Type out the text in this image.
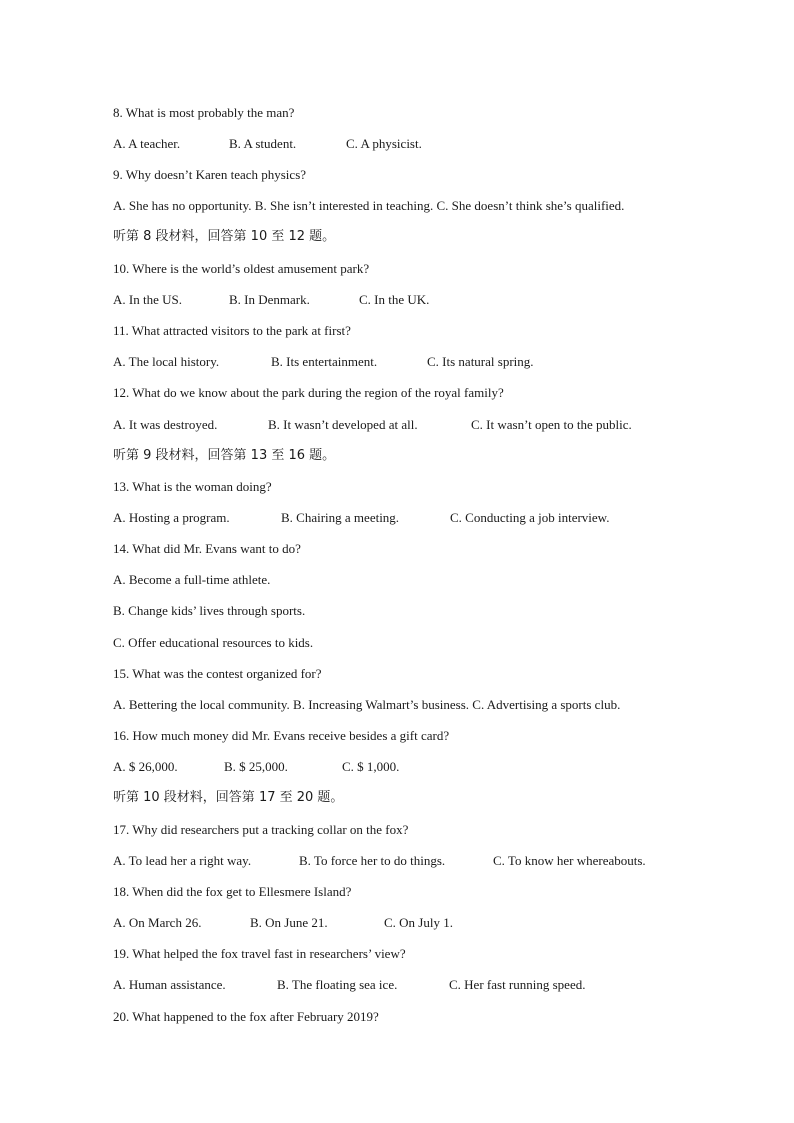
8. What is most probably the man?
A. A teacher.	B. A student.	C. A physicist.
9. Why doesn’t Karen teach physics?
A. She has no opportunity. B. She isn’t interested in teaching. C. She doesn’t think she’s qualified.
听第 8 段材料，回答第 10 至 12 题。
10. Where is the world’s oldest amusement park?
A. In the US.	B. In Denmark.	C. In the UK.
11. What attracted visitors to the park at first?
A. The local history.	B. Its entertainment.	C. Its natural spring.
12. What do we know about the park during the region of the royal family?
A. It was destroyed.	B. It wasn’t developed at all.	C. It wasn’t open to the public.
听第 9 段材料，回答第 13 至 16 题。
13. What is the woman doing?
A. Hosting a program.	B. Chairing a meeting.	C. Conducting a job interview.
14. What did Mr. Evans want to do?
A. Become a full-time athlete.
B. Change kids’ lives through sports.
C. Offer educational resources to kids.
15. What was the contest organized for?
A. Bettering the local community. B. Increasing Walmart’s business. C. Advertising a sports club.
16. How much money did Mr. Evans receive besides a gift card?
A. $ 26,000.	B. $ 25,000.	C. $ 1,000.
听第 10 段材料，回答第 17 至 20 题。
17. Why did researchers put a tracking collar on the fox?
A. To lead her a right way.	B. To force her to do things.	C. To know her whereabouts.
18. When did the fox get to Ellesmere Island?
A. On March 26.	B. On June 21.	C. On July 1.
19. What helped the fox travel fast in researchers’ view?
A. Human assistance.	B. The floating sea ice.	C. Her fast running speed.
20. What happened to the fox after February 2019?
